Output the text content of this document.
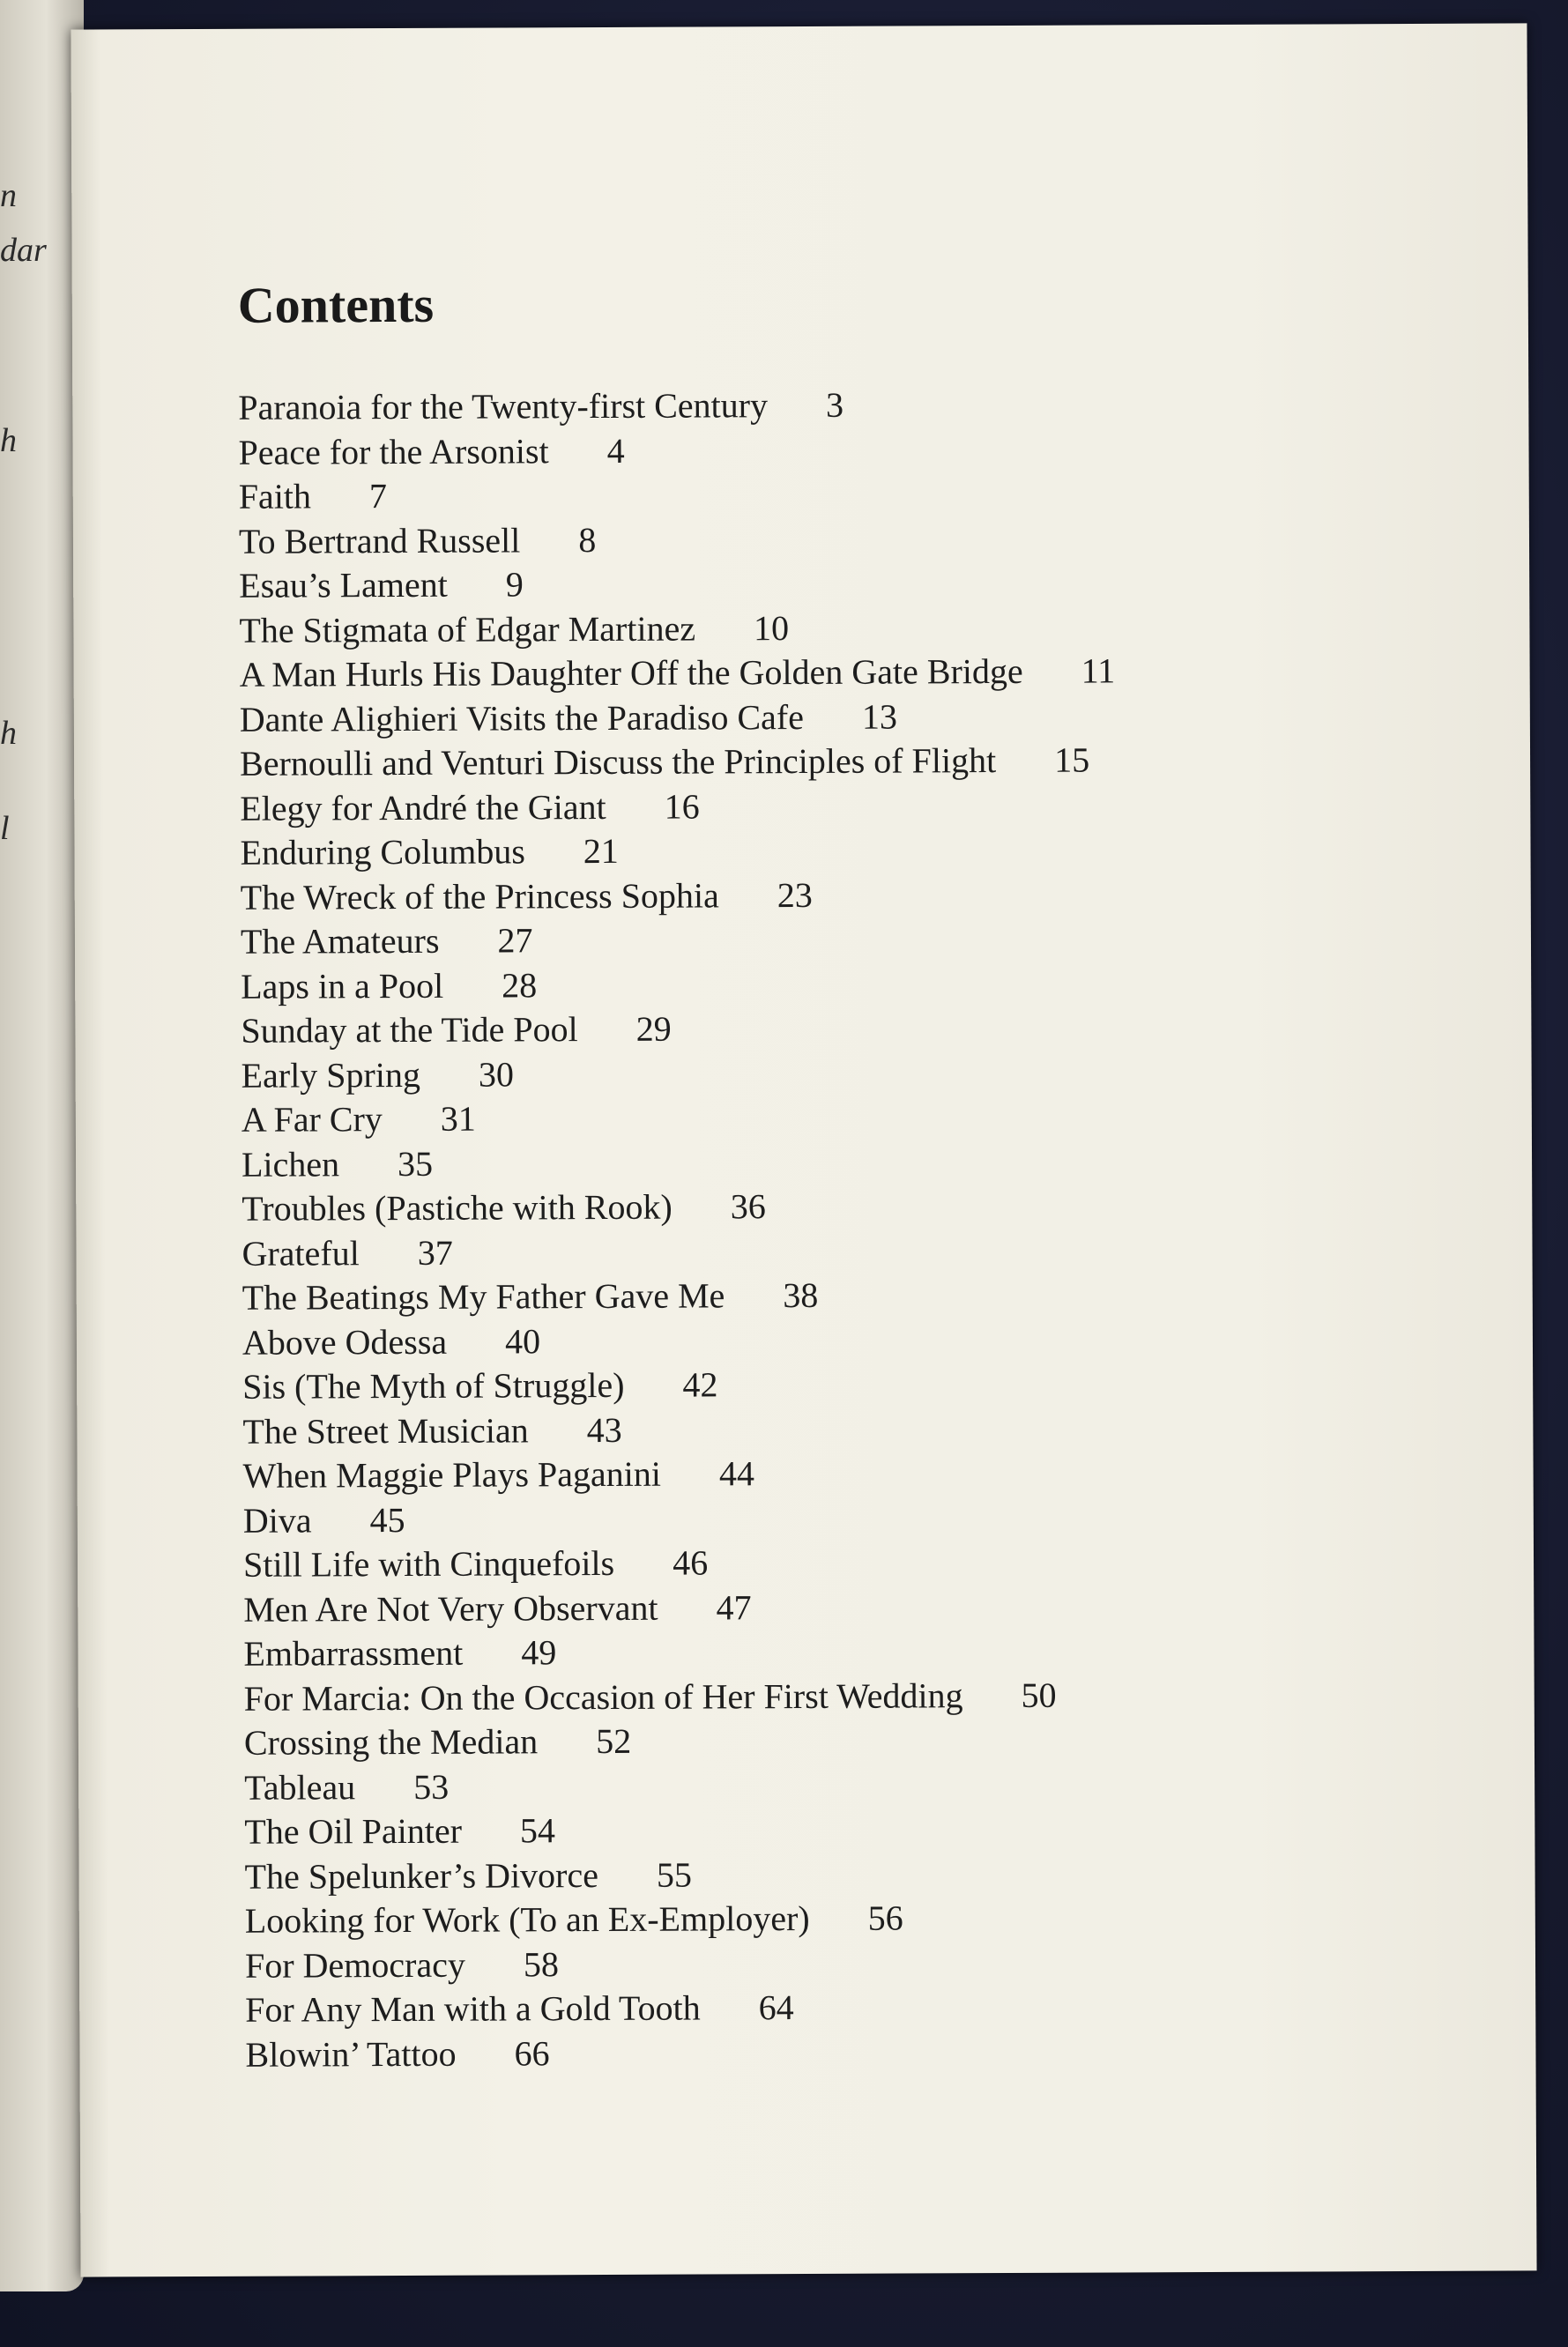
n
dar
h
h
l
Contents
Paranoia for the Twenty-first Century 3
Peace for the Arsonist 4
Faith 7
To Bertrand Russell 8
Esau’s Lament 9
The Stigmata of Edgar Martinez 10
A Man Hurls His Daughter Off the Golden Gate Bridge 11
Dante Alighieri Visits the Paradiso Cafe 13
Bernoulli and Venturi Discuss the Principles of Flight 15
Elegy for André the Giant 16
Enduring Columbus 21
The Wreck of the Princess Sophia 23
The Amateurs 27
Laps in a Pool 28
Sunday at the Tide Pool 29
Early Spring 30
A Far Cry 31
Lichen 35
Troubles (Pastiche with Rook) 36
Grateful 37
The Beatings My Father Gave Me 38
Above Odessa 40
Sis (The Myth of Struggle) 42
The Street Musician 43
When Maggie Plays Paganini 44
Diva 45
Still Life with Cinquefoils 46
Men Are Not Very Observant 47
Embarrassment 49
For Marcia: On the Occasion of Her First Wedding 50
Crossing the Median 52
Tableau 53
The Oil Painter 54
The Spelunker’s Divorce 55
Looking for Work (To an Ex-Employer) 56
For Democracy 58
For Any Man with a Gold Tooth 64
Blowin’ Tattoo 66
